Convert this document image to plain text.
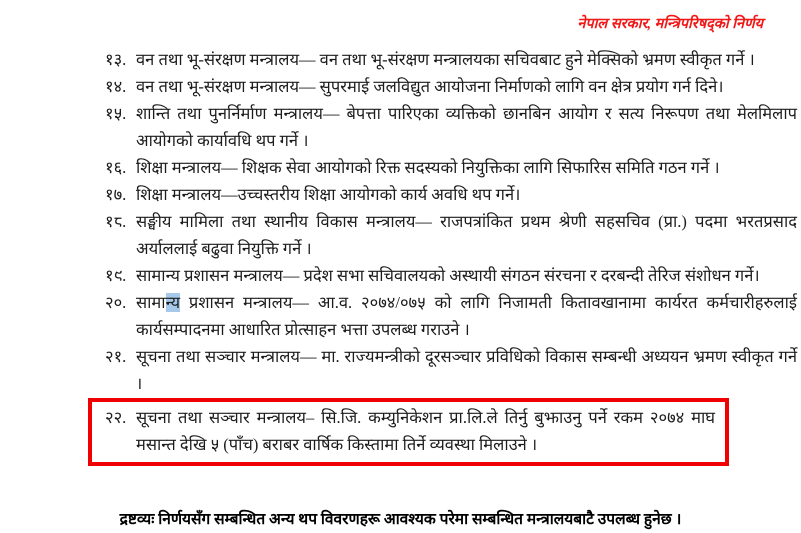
नेपाल सरकार, मन्त्रिपरिषद्को निर्णय
१३. वन तथा भू-संरक्षण मन्त्रालय— वन तथा भू-संरक्षण मन्त्रालयका सचिवबाट हुने मेक्सिको भ्रमण स्वीकृत गर्ने ।
१४. वन तथा भू-संरक्षण मन्त्रालय— सुपरमाई जलविद्युत आयोजना निर्माणको लागि वन क्षेत्र प्रयोग गर्न दिने।
१५. शान्ति तथा पुनर्निर्माण मन्त्रालय— बेपत्ता पारिएका व्यक्तिको छानबिन आयोग र सत्य निरूपण तथा मेलमिलाप आयोगको कार्यावधि थप गर्ने ।
१६. शिक्षा मन्त्रालय— शिक्षक सेवा आयोगको रिक्त सदस्यको नियुक्तिका लागि सिफारिस समिति गठन गर्ने ।
१७. शिक्षा मन्त्रालय—उच्चस्तरीय शिक्षा आयोगको कार्य अवधि थप गर्ने।
१८. सङ्घीय मामिला तथा स्थानीय विकास मन्त्रालय— राजपत्रांकित प्रथम श्रेणी सहसचिव (प्रा.) पदमा भरतप्रसाद अर्याललाई बढुवा नियुक्ति गर्ने ।
१९. सामान्य प्रशासन मन्त्रालय— प्रदेश सभा सचिवालयको अस्थायी संगठन संरचना र दरबन्दी तेरिज संशोधन गर्ने।
२०. सामान्य प्रशासन मन्त्रालय— आ.व. २०७४/०७५ को लागि निजामती कितावखानामा कार्यरत कर्मचारीहरुलाई कार्यसम्पादनमा आधारित प्रोत्साहन भत्ता उपलब्ध गराउने ।
२१. सूचना तथा सञ्चार मन्त्रालय— मा. राज्यमन्त्रीको दूरसञ्चार प्रविधिको विकास सम्बन्धी अध्ययन भ्रमण स्वीकृत गर्ने ।
२२. सूचना तथा सञ्चार मन्त्रालय– सि.जि. कम्युनिकेशन प्रा.लि.ले तिर्नु बुझाउनु पर्ने रकम २०७४ माघ मसान्त देखि ५ (पाँच) बराबर वार्षिक किस्तामा तिर्ने व्यवस्था मिलाउने ।
द्रष्टव्यः निर्णयसँग सम्बन्धित अन्य थप विवरणहरू आवश्यक परेमा सम्बन्धित मन्त्रालयबाटै उपलब्ध हुनेछ ।
